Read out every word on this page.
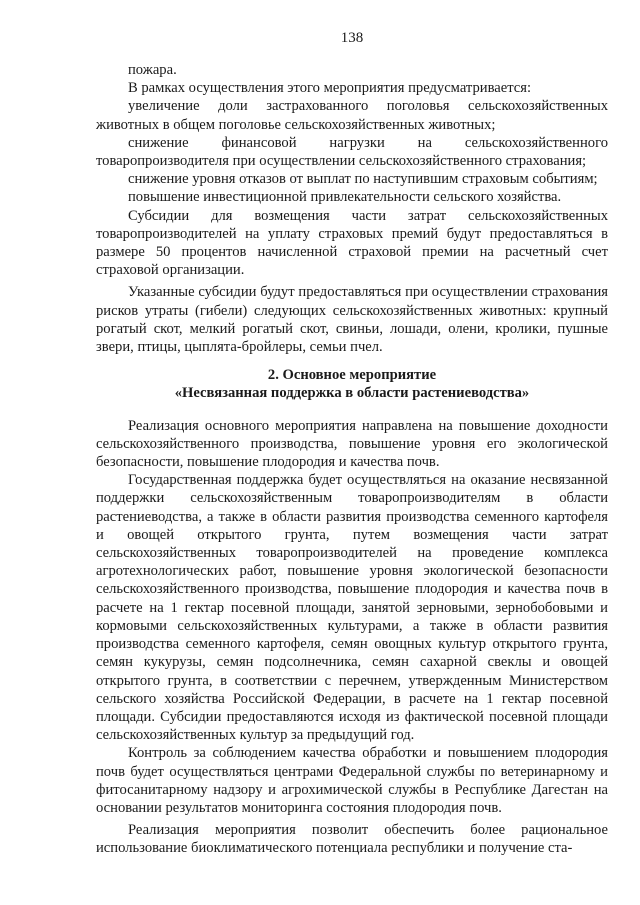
138

пожара.

В рамках осуществления этого мероприятия предусматривается:

увеличение доли застрахованного поголовья сельскохозяйственных животных в общем поголовье сельскохозяйственных животных;

снижение финансовой нагрузки на сельскохозяйственного товаропроизводителя при осуществлении сельскохозяйственного страхования;

снижение уровня отказов от выплат по наступившим страховым событиям;

повышение инвестиционной привлекательности сельского хозяйства.

Субсидии для возмещения части затрат сельскохозяйственных товаропроизводителей на уплату страховых премий будут предоставляться в размере 50 процентов начисленной страховой премии на расчетный счет страховой организации.

Указанные субсидии будут предоставляться при осуществлении страхования рисков утраты (гибели) следующих сельскохозяйственных животных: крупный рогатый скот, мелкий рогатый скот, свиньи, лошади, олени, кролики, пушные звери, птицы, цыплята-бройлеры, семьи пчел.

2. Основное мероприятие
«Несвязанная поддержка в области растениеводства»

Реализация основного мероприятия направлена на повышение доходности сельскохозяйственного производства, повышение уровня его экологической безопасности, повышение плодородия и качества почв.

Государственная поддержка будет осуществляться на оказание несвязанной поддержки сельскохозяйственным товаропроизводителям в области растениеводства, а также в области развития производства семенного картофеля и овощей открытого грунта, путем возмещения части затрат сельскохозяйственных товаропроизводителей на проведение комплекса агротехнологических работ, повышение уровня экологической безопасности сельскохозяйственного производства, повышение плодородия и качества почв в расчете на 1 гектар посевной площади, занятой зерновыми, зернобобовыми и кормовыми сельскохозяйственных культурами, а также в области развития производства семенного картофеля, семян овощных культур открытого грунта, семян кукурузы, семян подсолнечника, семян сахарной свеклы и овощей открытого грунта, в соответствии с перечнем, утвержденным Министерством сельского хозяйства Российской Федерации, в расчете на 1 гектар посевной площади. Субсидии предоставляются исходя из фактической посевной площади сельскохозяйственных культур за предыдущий год.

Контроль за соблюдением качества обработки и повышением плодородия почв будет осуществляться центрами Федеральной службы по ветеринарному и фитосанитарному надзору и агрохимической службы в Республике Дагестан на основании результатов мониторинга состояния плодородия почв.

Реализация мероприятия позволит обеспечить более рациональное использование биоклиматического потенциала республики и получение ста-
